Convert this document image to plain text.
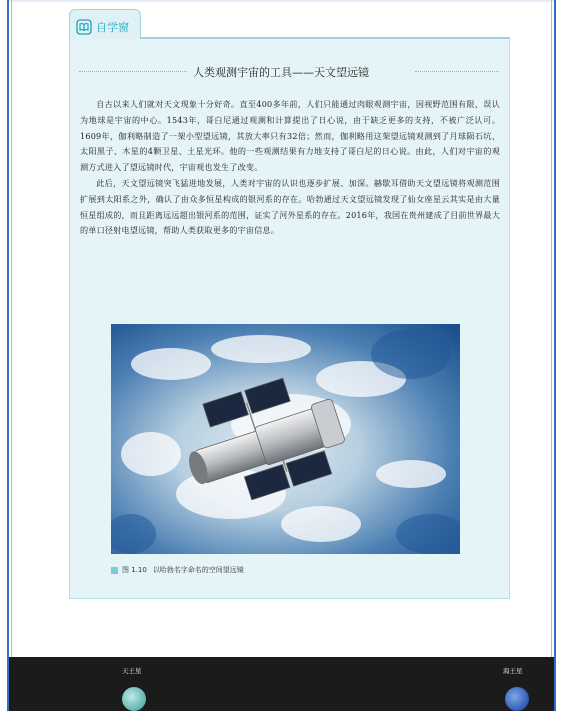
自学窗
人类观测宇宙的工具——天文望远镜

自古以来人们就对天文现象十分好奇。直至400多年前，人们只能通过肉眼观测宇宙，因视野范围有限，误认为地球是宇宙的中心。1543年，哥白尼通过观测和计算提出了日心说，由于缺乏更多的支持，不被广泛认可。1609年，伽利略制造了一架小型望远镜，其放大率只有32倍；然而，伽利略用这架望远镜观测到了月球陨石坑、太阳黑子、木星的4颗卫星、土星光环。他的一些观测结果有力地支持了哥白尼的日心说。由此，人们对宇宙的观测方式进入了望远镜时代，宇宙观也发生了改变。

此后，天文望远镜突飞猛进地发展，人类对宇宙的认识也逐步扩展、加深。赫歇耳借助天文望远镜将观测范围扩展到太阳系之外，确认了由众多恒星构成的银河系的存在。哈勃通过天文望远镜发现了仙女座星云其实是由大量恒星组成的，而且距离远远超出银河系的范围，证实了河外星系的存在。2016年，我国在贵州建成了目前世界最大的单口径射电望远镜，帮助人类获取更多的宇宙信息。

图 1.10 以哈勃名字命名的空间望远镜
天王星	海王星
